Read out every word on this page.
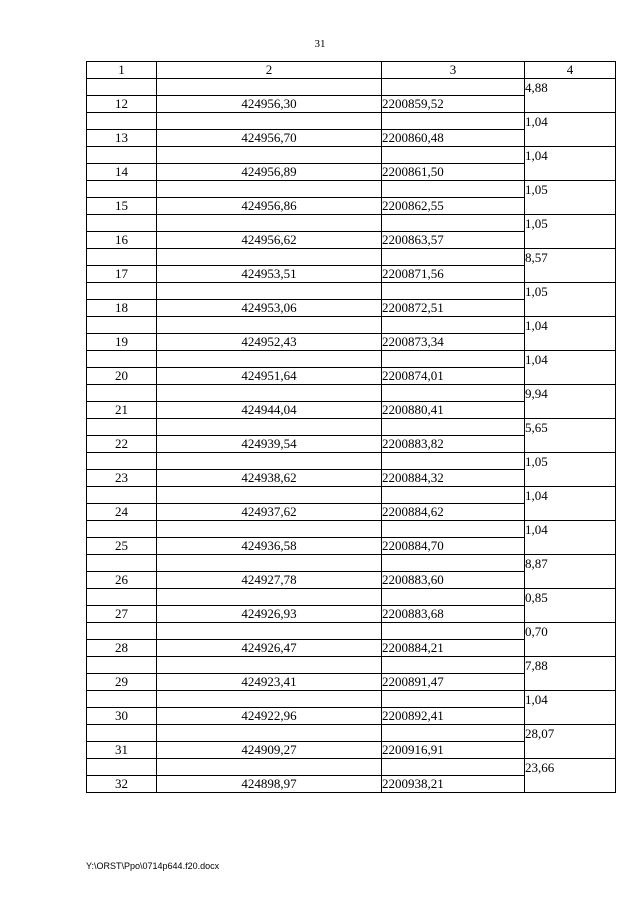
31
1	2	3	4
			4,88
12	424956,30	2200859,52	
			1,04
13	424956,70	2200860,48	
			1,04
14	424956,89	2200861,50	
			1,05
15	424956,86	2200862,55	
			1,05
16	424956,62	2200863,57	
			8,57
17	424953,51	2200871,56	
			1,05
18	424953,06	2200872,51	
			1,04
19	424952,43	2200873,34	
			1,04
20	424951,64	2200874,01	
			9,94
21	424944,04	2200880,41	
			5,65
22	424939,54	2200883,82	
			1,05
23	424938,62	2200884,32	
			1,04
24	424937,62	2200884,62	
			1,04
25	424936,58	2200884,70	
			8,87
26	424927,78	2200883,60	
			0,85
27	424926,93	2200883,68	
			0,70
28	424926,47	2200884,21	
			7,88
29	424923,41	2200891,47	
			1,04
30	424922,96	2200892,41	
			28,07
31	424909,27	2200916,91	
			23,66
32	424898,97	2200938,21	
Y:\ORST\Ppo\0714p644.f20.docx
